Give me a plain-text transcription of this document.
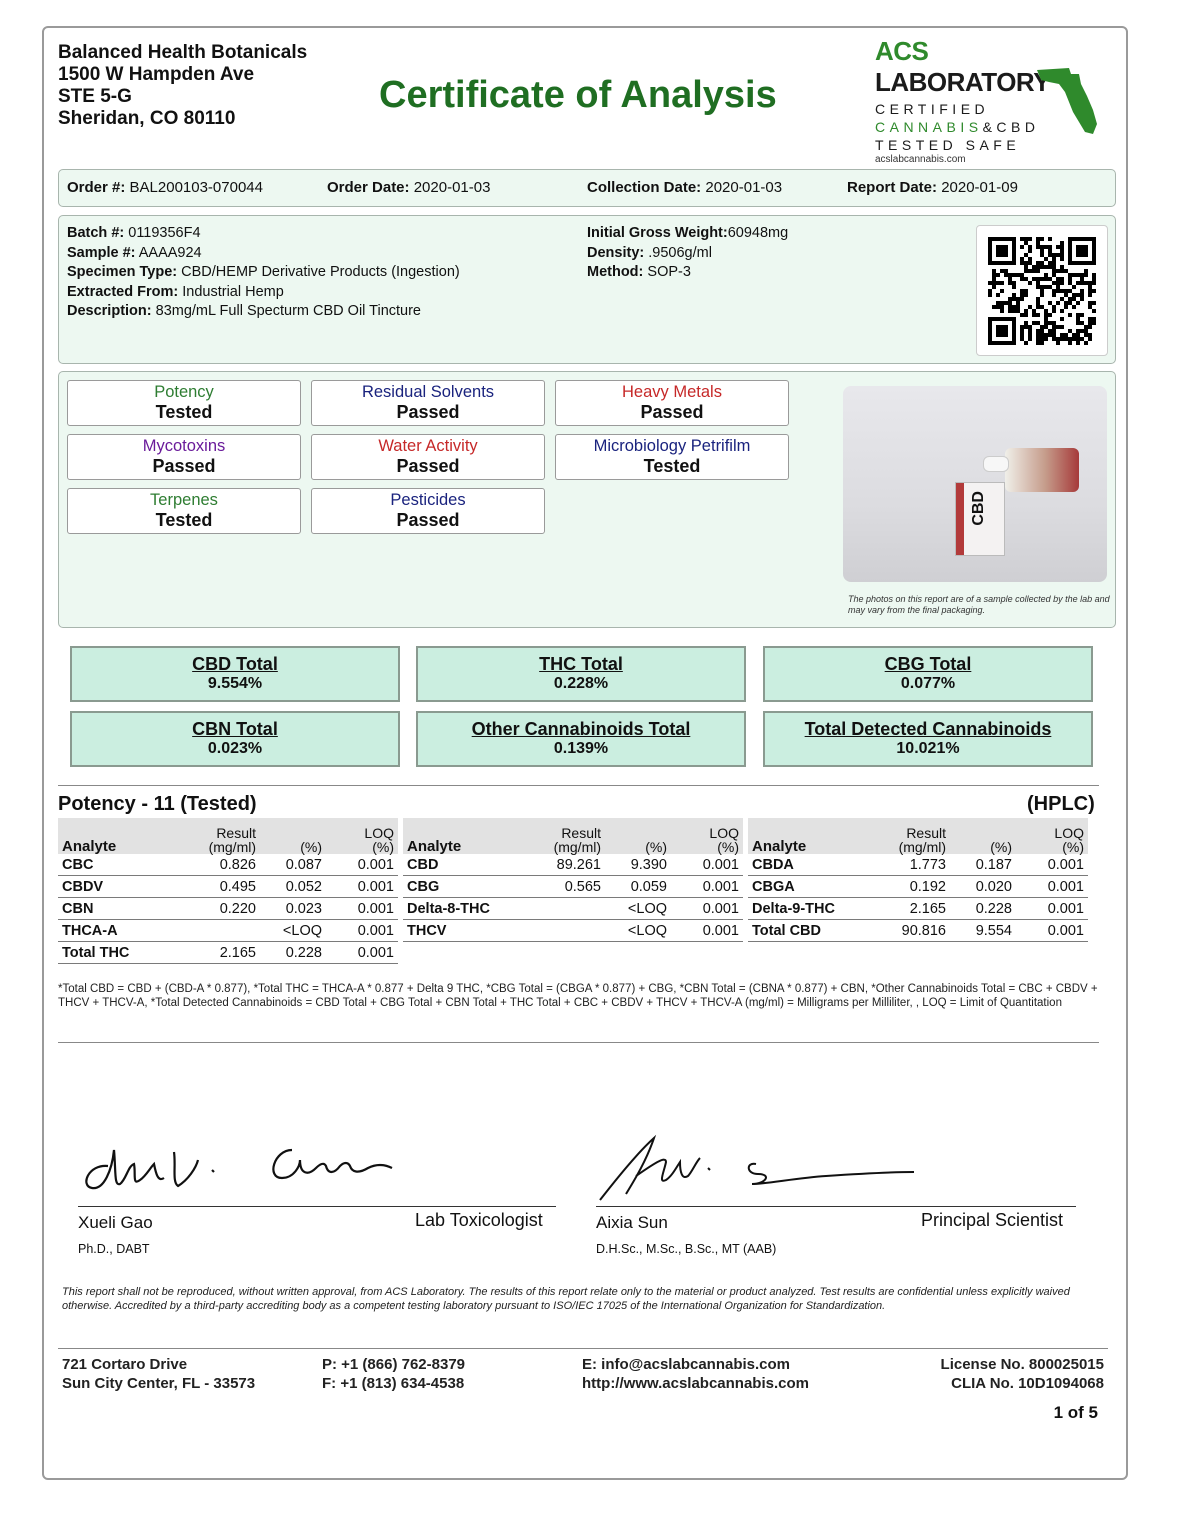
Balanced Health Botanicals
1500 W Hampden Ave
STE 5-G
Sheridan, CO 80110
Certificate of Analysis
ACS LABORATORY
CERTIFIED
CANNABIS&CBD
TESTED SAFE
acslabcannabis.com
Order #: BAL200103-070044	Order Date: 2020-01-03	Collection Date: 2020-01-03	Report Date: 2020-01-09
Batch #: 0119356F4
Sample #: AAAA924
Specimen Type: CBD/HEMP Derivative Products (Ingestion)
Extracted From: Industrial Hemp
Description: 83mg/mL Full Specturm CBD Oil Tincture
Initial Gross Weight:60948mg
Density: .9506g/ml
Method: SOP-3
Potency
Tested
Residual Solvents
Passed
Heavy Metals
Passed
Mycotoxins
Passed
Water Activity
Passed
Microbiology Petrifilm
Tested
Terpenes
Tested
Pesticides
Passed	CBD
The photos on this report are of a sample collected by the lab and may vary from the final packaging.
CBD Total
9.554%
THC Total
0.228%
CBG Total
0.077%
CBN Total
0.023%
Other Cannabinoids Total
0.139%
Total Detected Cannabinoids
10.021%
Potency - 11 (Tested)	(HPLC)
Analyte	Result
(mg/ml)	(%)	LOQ
(%)
CBC	0.826	0.087	0.001
CBDV	0.495	0.052	0.001
CBN	0.220	0.023	0.001
THCA-A		<LOQ	0.001
Total THC	2.165	0.228	0.001
Analyte	Result
(mg/ml)	(%)	LOQ
(%)
CBD	89.261	9.390	0.001
CBG	0.565	0.059	0.001
Delta-8-THC		<LOQ	0.001
THCV		<LOQ	0.001
Analyte	Result
(mg/ml)	(%)	LOQ
(%)
CBDA	1.773	0.187	0.001
CBGA	0.192	0.020	0.001
Delta-9-THC	2.165	0.228	0.001
Total CBD	90.816	9.554	0.001
*Total CBD = CBD + (CBD-A * 0.877), *Total THC = THCA-A * 0.877 + Delta 9 THC, *CBG Total = (CBGA * 0.877) + CBG, *CBN Total = (CBNA * 0.877) + CBN, *Other Cannabinoids Total = CBC + CBDV + THCV + THCV-A, *Total Detected Cannabinoids = CBD Total + CBG Total + CBN Total + THC Total + CBC + CBDV + THCV + THCV-A (mg/ml) = Milligrams per Milliliter, , LOQ = Limit of Quantitation
Xueli Gao	Lab Toxicologist
Ph.D., DABT
Aixia Sun	Principal Scientist
D.H.Sc., M.Sc., B.Sc., MT (AAB)
This report shall not be reproduced, without written approval, from ACS Laboratory. The results of this report relate only to the material or product analyzed. Test results are confidential unless explicitly waived otherwise. Accredited by a third-party accrediting body as a competent testing laboratory pursuant to ISO/IEC 17025 of the International Organization for Standardization.
721 Cortaro Drive
Sun City Center, FL - 33573
P: +1 (866) 762-8379
F: +1 (813) 634-4538
E: info@acslabcannabis.com
http://www.acslabcannabis.com
License No. 800025015
CLIA No. 10D1094068
1 of 5
